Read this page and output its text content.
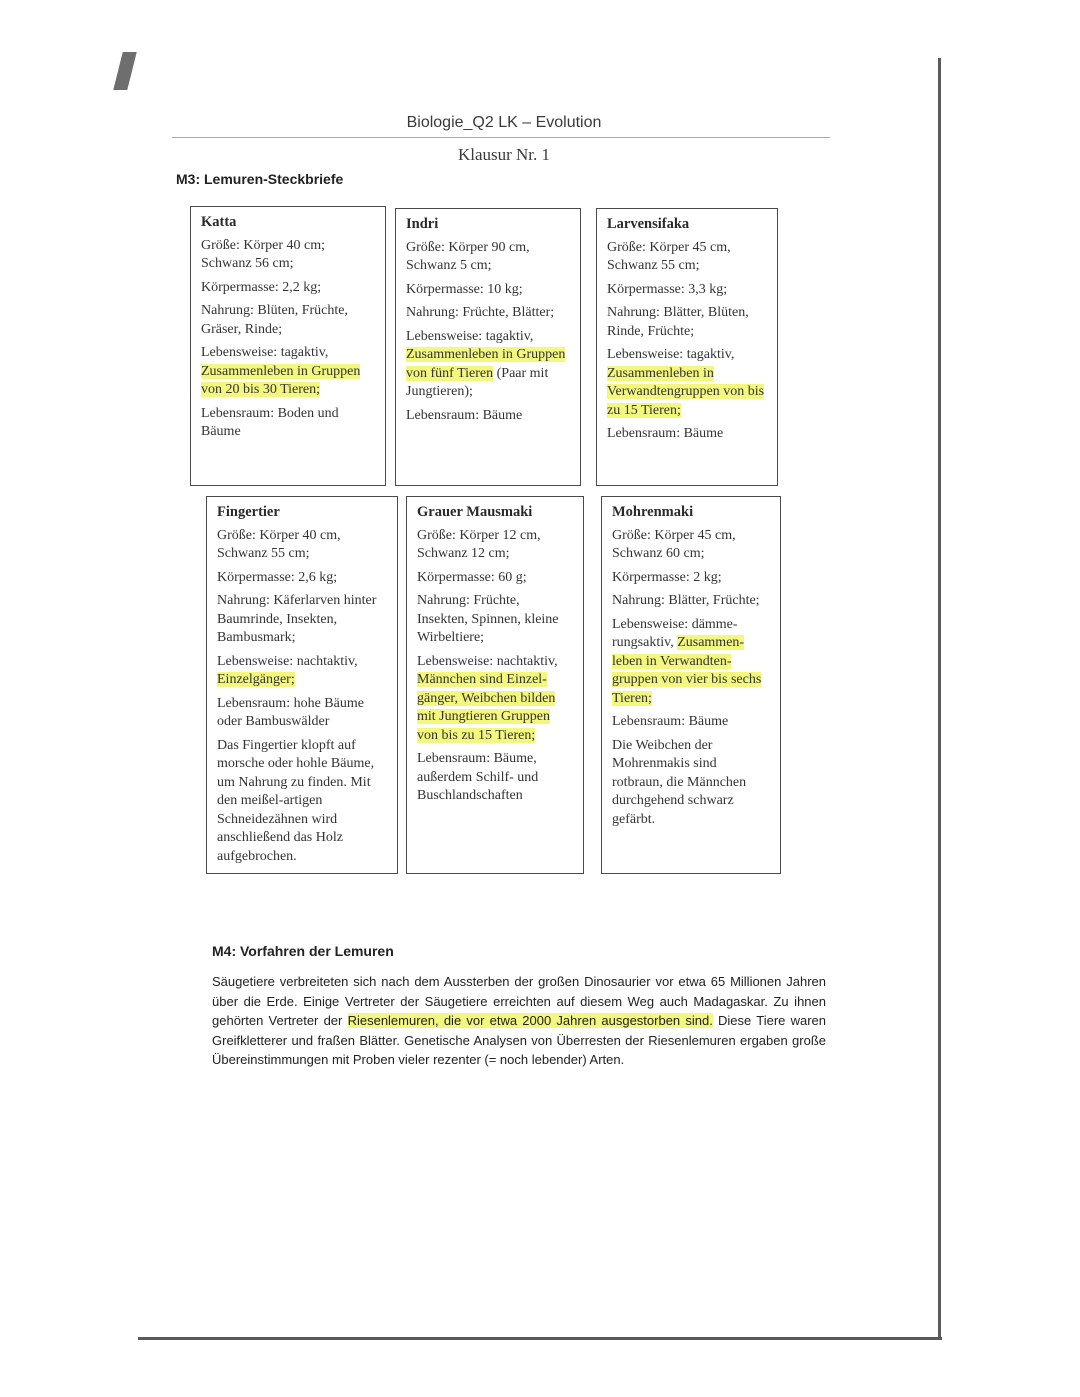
Biologie_Q2 LK – Evolution
Klausur Nr. 1
M3: Lemuren-Steckbriefe
Katta

Größe: Körper 40 cm; Schwanz 56 cm;

Körpermasse: 2,2 kg;

Nahrung: Blüten, Früchte, Gräser, Rinde;

Lebensweise: tagaktiv, Zusammenleben in Gruppen von 20 bis 30 Tieren;

Lebensraum: Boden und Bäume

Indri

Größe: Körper 90 cm, Schwanz 5 cm;

Körpermasse: 10 kg;

Nahrung: Früchte, Blätter;

Lebensweise: tagaktiv, Zusammenleben in Gruppen von fünf Tieren (Paar mit Jungtieren);

Lebensraum: Bäume

Larvensifaka

Größe: Körper 45 cm, Schwanz 55 cm;

Körpermasse: 3,3 kg;

Nahrung: Blätter, Blüten, Rinde, Früchte;

Lebensweise: tagaktiv, Zusammenleben in Verwandtengruppen von bis zu 15 Tieren;

Lebensraum: Bäume

Fingertier

Größe: Körper 40 cm, Schwanz 55 cm;

Körpermasse: 2,6 kg;

Nahrung: Käferlarven hinter Baumrinde, Insekten, Bambusmark;

Lebensweise: nachtaktiv, Einzelgänger;

Lebensraum: hohe Bäume oder Bambuswälder

Das Fingertier klopft auf morsche oder hohle Bäume, um Nahrung zu finden. Mit den meißel-artigen Schneidezähnen wird anschließend das Holz aufgebrochen.

Grauer Mausmaki

Größe: Körper 12 cm, Schwanz 12 cm;

Körpermasse: 60 g;

Nahrung: Früchte, Insekten, Spinnen, kleine Wirbeltiere;

Lebensweise: nachtaktiv, Männchen sind Einzel-gänger, Weibchen bilden mit Jungtieren Gruppen von bis zu 15 Tieren;

Lebensraum: Bäume, außerdem Schilf- und Buschlandschaften

Mohrenmaki

Größe: Körper 45 cm, Schwanz 60 cm;

Körpermasse: 2 kg;

Nahrung: Blätter, Früchte;

Lebensweise: dämme-rungsaktiv, Zusammen-leben in Verwandten-gruppen von vier bis sechs Tieren;

Lebensraum: Bäume

Die Weibchen der Mohrenmakis sind rotbraun, die Männchen durchgehend schwarz gefärbt.

M4: Vorfahren der Lemuren
Säugetiere verbreiteten sich nach dem Aussterben der großen Dinosaurier vor etwa 65 Millionen Jahren über die Erde. Einige Vertreter der Säugetiere erreichten auf diesem Weg auch Madagaskar. Zu ihnen gehörten Vertreter der Riesenlemuren, die vor etwa 2000 Jahren ausgestorben sind. Diese Tiere waren Greifkletterer und fraßen Blätter. Genetische Analysen von Überresten der Riesenlemuren ergaben große Übereinstimmungen mit Proben vieler rezenter (= noch lebender) Arten.
